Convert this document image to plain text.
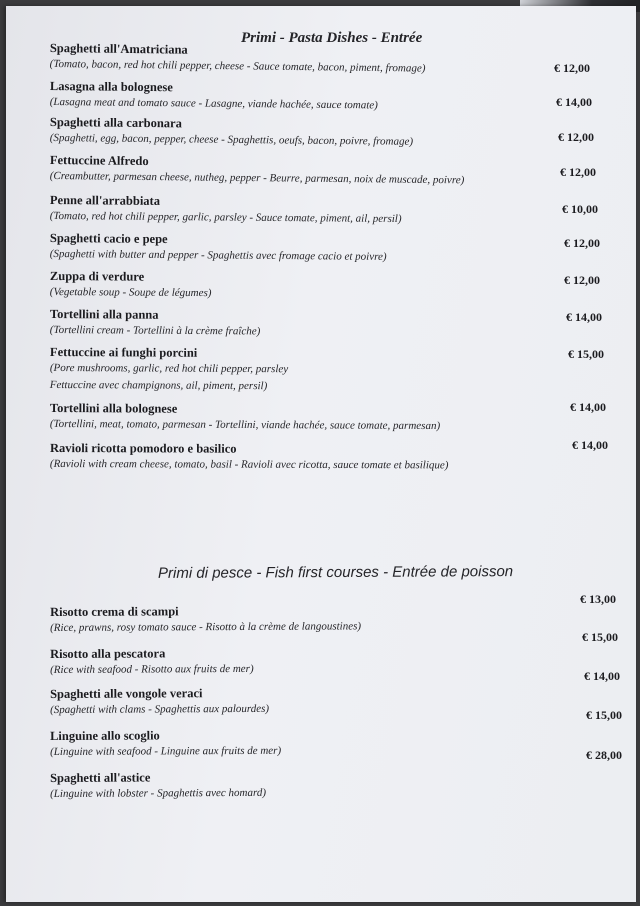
Primi - Pasta Dishes - Entrée
Spaghetti all'Amatriciana
(Tomato, bacon, red hot chili pepper, cheese - Sauce tomate, bacon, piment, fromage)	€ 12,00
Lasagna alla bolognese
(Lasagna meat and tomato sauce - Lasagne, viande hachée, sauce tomate)	€ 14,00
Spaghetti alla carbonara
(Spaghetti, egg, bacon, pepper, cheese - Spaghettis, oeufs, bacon, poivre, fromage)	€ 12,00
Fettuccine Alfredo
(Creambutter, parmesan cheese, nutheg, pepper - Beurre, parmesan, noix de muscade, poivre)	€ 12,00
Penne all'arrabbiata
(Tomato, red hot chili pepper, garlic, parsley - Sauce tomate, piment, ail, persil)
€ 10,00
Spaghetti cacio e pepe
(Spaghetti with butter and pepper - Spaghettis avec fromage cacio et poivre)
€ 12,00
Zuppa di verdure
(Vegetable soup - Soupe de légumes)
€ 12,00
Tortellini alla panna
(Tortellini cream - Tortellini à la crème fraîche)
€ 14,00
Fettuccine ai funghi porcini
(Pore mushrooms, garlic, red hot chili pepper, parsley
Fettuccine avec champignons, ail, piment, persil)
€ 15,00
Tortellini alla bolognese
(Tortellini, meat, tomato, parmesan - Tortellini, viande hachée, sauce tomate, parmesan)
€ 14,00
Ravioli ricotta pomodoro e basilico
(Ravioli with cream cheese, tomato, basil - Ravioli avec ricotta, sauce tomate et basilique)
€ 14,00
Primi di pesce - Fish first courses - Entrée de poisson
Risotto crema di scampi
(Rice, prawns, rosy tomato sauce - Risotto à la crème de langoustines)
€ 13,00
Risotto alla pescatora
(Rice with seafood - Risotto aux fruits de mer)
€ 15,00
Spaghetti alle vongole veraci
(Spaghetti with clams - Spaghettis aux palourdes)
€ 14,00
Linguine allo scoglio
(Linguine with seafood - Linguine aux fruits de mer)
€ 15,00
Spaghetti all'astice
(Linguine with lobster - Spaghettis avec homard)
€ 28,00
